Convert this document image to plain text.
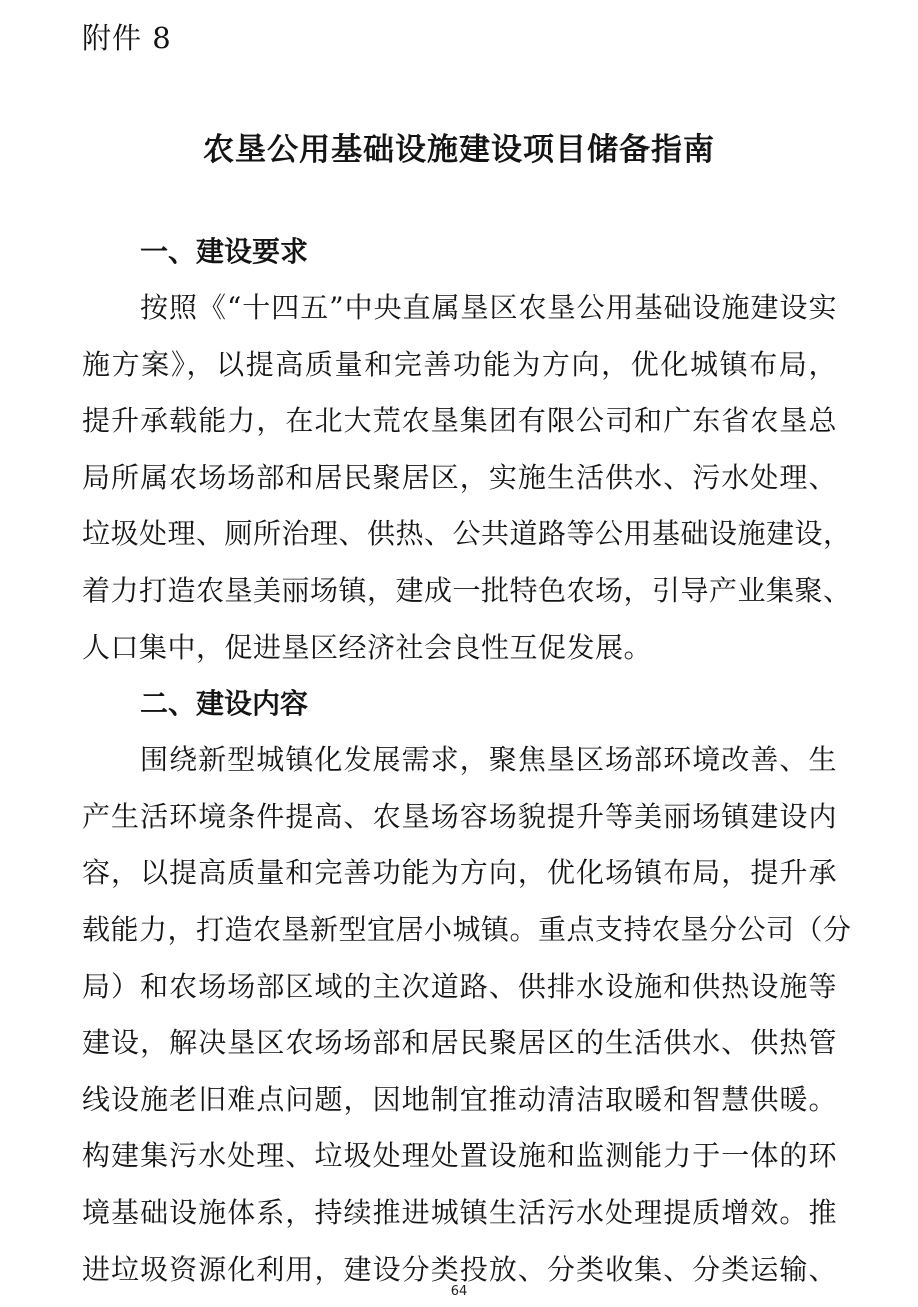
附件 8
农垦公用基础设施建设项目储备指南
一、建设要求
按照《“十四五”中央直属垦区农垦公用基础设施建设实
施方案》，以提高质量和完善功能为方向，优化城镇布局，
提升承载能力，在北大荒农垦集团有限公司和广东省农垦总
局所属农场场部和居民聚居区，实施生活供水、污水处理、
垃圾处理、厕所治理、供热、公共道路等公用基础设施建设，
着力打造农垦美丽场镇，建成一批特色农场，引导产业集聚、
人口集中，促进垦区经济社会良性互促发展。
二、建设内容
围绕新型城镇化发展需求，聚焦垦区场部环境改善、生
产生活环境条件提高、农垦场容场貌提升等美丽场镇建设内
容，以提高质量和完善功能为方向，优化场镇布局，提升承
载能力，打造农垦新型宜居小城镇。重点支持农垦分公司（分
局）和农场场部区域的主次道路、供排水设施和供热设施等
建设，解决垦区农场场部和居民聚居区的生活供水、供热管
线设施老旧难点问题，因地制宜推动清洁取暖和智慧供暖。
构建集污水处理、垃圾处理处置设施和监测能力于一体的环
境基础设施体系，持续推进城镇生活污水处理提质增效。推
进垃圾资源化利用，建设分类投放、分类收集、分类运输、
64
